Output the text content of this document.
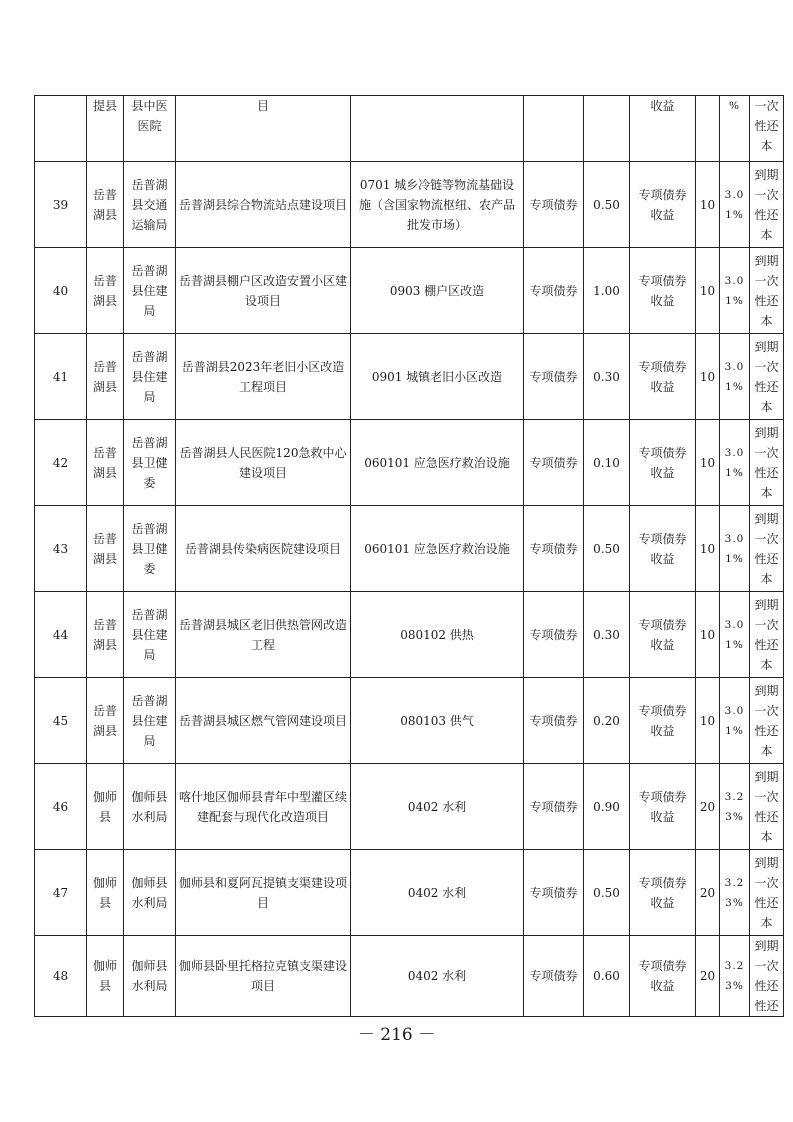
	提县	县中医医院	目				收益		%	一次性还本
39	岳普湖县	岳普湖县交通运输局	岳普湖县综合物流站点建设项目	0701 城乡冷链等物流基础设施（含国家物流枢纽、农产品批发市场）	专项债券	0.50	专项债券收益	10	3.01%	到期一次性还本
40	岳普湖县	岳普湖县住建局	岳普湖县棚户区改造安置小区建设项目	0903 棚户区改造	专项债券	1.00	专项债券收益	10	3.01%	到期一次性还本
41	岳普湖县	岳普湖县住建局	岳普湖县2023年老旧小区改造工程项目	0901 城镇老旧小区改造	专项债券	0.30	专项债券收益	10	3.01%	到期一次性还本
42	岳普湖县	岳普湖县卫健委	岳普湖县人民医院120急救中心建设项目	060101 应急医疗救治设施	专项债券	0.10	专项债券收益	10	3.01%	到期一次性还本
43	岳普湖县	岳普湖县卫健委	岳普湖县传染病医院建设项目	060101 应急医疗救治设施	专项债券	0.50	专项债券收益	10	3.01%	到期一次性还本
44	岳普湖县	岳普湖县住建局	岳普湖县城区老旧供热管网改造工程	080102 供热	专项债券	0.30	专项债券收益	10	3.01%	到期一次性还本
45	岳普湖县	岳普湖县住建局	岳普湖县城区燃气管网建设项目	080103 供气	专项债券	0.20	专项债券收益	10	3.01%	到期一次性还本
46	伽师县	伽师县水利局	喀什地区伽师县青年中型灌区续建配套与现代化改造项目	0402 水利	专项债券	0.90	专项债券收益	20	3.23%	到期一次性还本
47	伽师县	伽师县水利局	伽师县和夏阿瓦提镇支渠建设项目	0402 水利	专项债券	0.50	专项债券收益	20	3.23%	到期一次性还本
48	伽师县	伽师县水利局	伽师县卧里托格拉克镇支渠建设项目	0402 水利	专项债券	0.60	专项债券收益	20	3.23%	到期一次性还性还
－ 216 －
